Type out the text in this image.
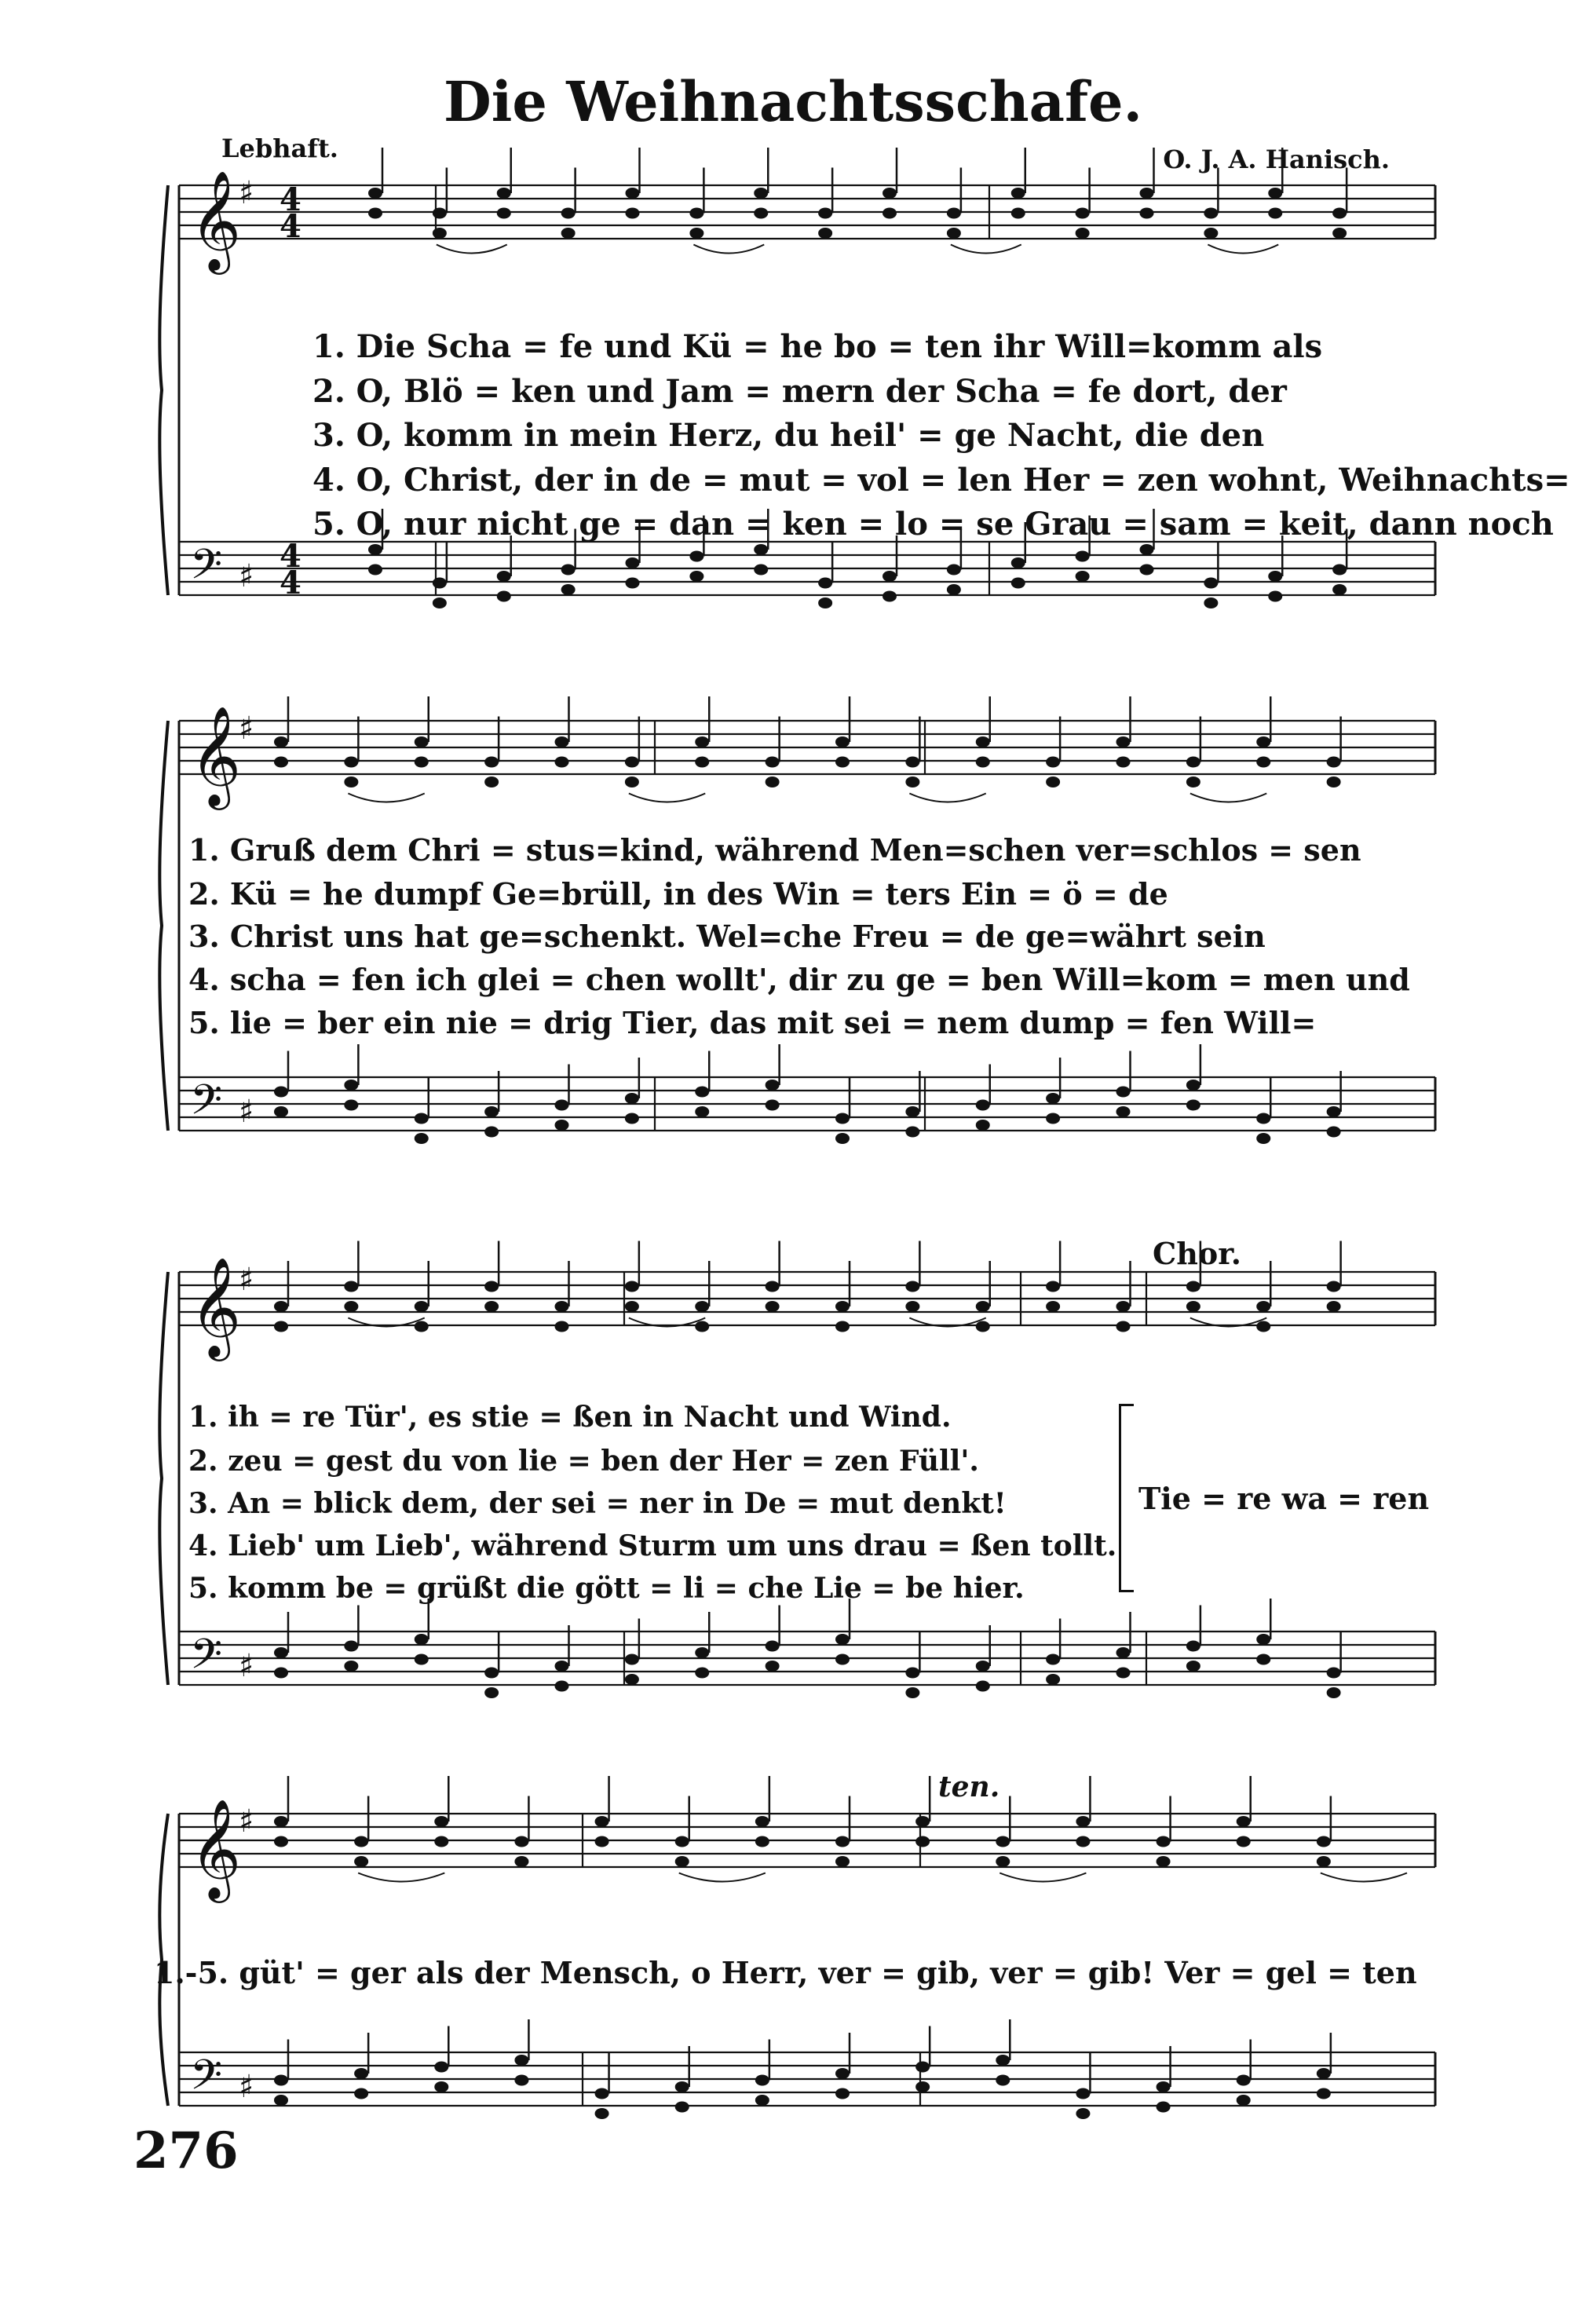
Die Weihnachtsschafe.
Lebhaft.	O. J. A. Hanisch.
𝄞
𝄢
♯
♯
4
4
4
4
𝄞
𝄢
♯
♯
𝄞
𝄢
♯
♯
𝄞
𝄢
♯
♯
1. Die Scha = fe und Kü = he bo = ten ihr Will=komm als
2. O, Blö = ken und Jam = mern der Scha = fe dort, der
3. O, komm in mein Herz, du heil' = ge Nacht, die den
4. O, Christ, der in de = mut = vol = len Her = zen wohnt, Weihnachts=
5. O, nur nicht ge = dan = ken = lo = se Grau = sam = keit, dann noch
1. Gruß dem Chri = stus=kind, während Men=schen ver=schlos = sen
2. Kü = he dumpf Ge=brüll, in des Win = ters Ein = ö = de
3. Christ uns hat ge=schenkt. Wel=che Freu = de ge=währt sein
4. scha = fen ich glei = chen wollt', dir zu ge = ben Will=kom = men und
5. lie = ber ein nie = drig Tier, das mit sei = nem dump = fen Will=
Chor.
1. ih = re Tür', es stie = ßen in Nacht und Wind.
2. zeu = gest du von lie = ben der Her = zen Füll'.
3. An = blick dem, der sei = ner in De = mut denkt!
4. Lieb' um Lieb', während Sturm um uns drau = ßen tollt.
5. komm be = grüßt die gött = li = che Lie = be hier.
Tie = re wa = ren
ten.
1.-5. güt' = ger als der Mensch, o Herr, ver = gib, ver = gib! Ver = gel = ten
276
